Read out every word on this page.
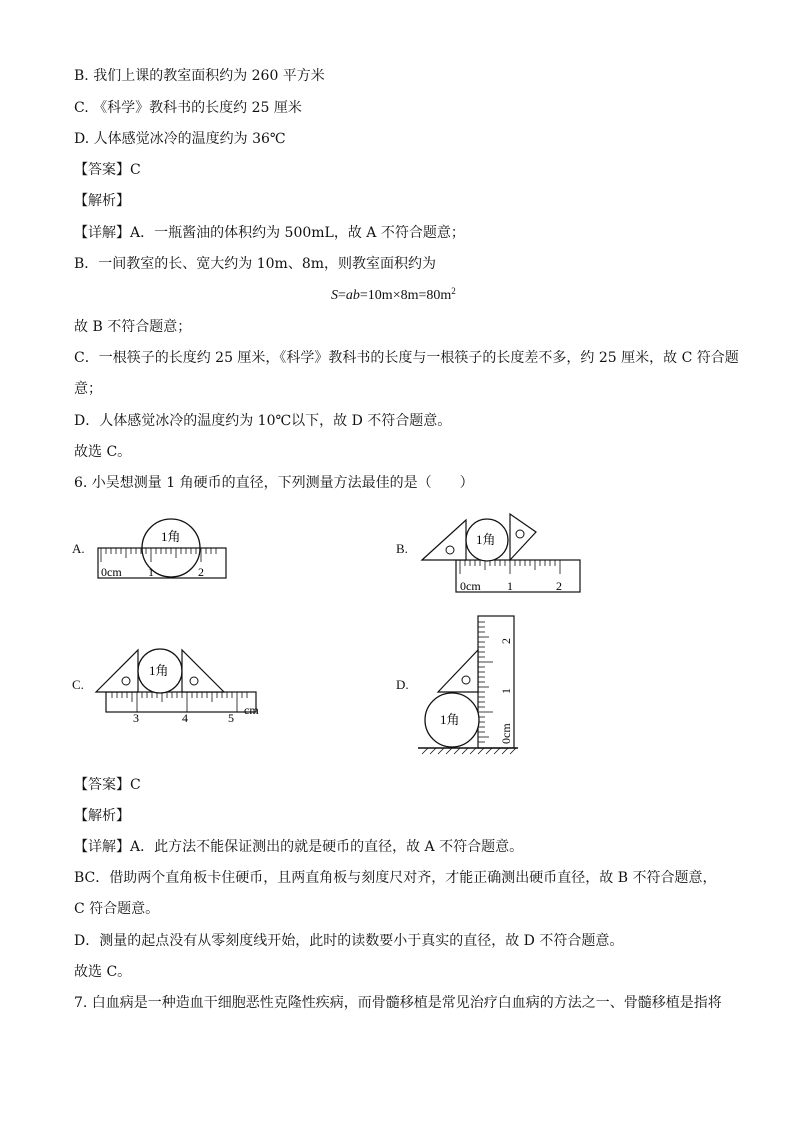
B. 我们上课的教室面积约为 260 平方米
C. 《科学》教科书的长度约 25 厘米
D. 人体感觉冰冷的温度约为 36℃
【答案】C
【解析】
【详解】A．一瓶酱油的体积约为 500mL，故 A 不符合题意；
B．一间教室的长、宽大约为 10m、8m，则教室面积约为
$S=ab=10m\times 8m=80m^2$
故 B 不符合题意；
C．一根筷子的长度约 25 厘米，《科学》教科书的长度与一根筷子的长度差不多，约 25 厘米，故 C 符合题
意；
D．人体感觉冰冷的温度约为 10℃以下，故 D 不符合题意。
故选 C。
6. 小吴想测量 1 角硬币的直径，下列测量方法最佳的是（　　）
A.
1角
0cm 1	2
B.
1角
0cm 1	2
C.
1角
3	4	5
cm
D.
1角
0cm
1
2
【答案】C
【解析】
【详解】A．此方法不能保证测出的就是硬币的直径，故 A 不符合题意。
BC．借助两个直角板卡住硬币，且两直角板与刻度尺对齐，才能正确测出硬币直径，故 B 不符合题意，
C 符合题意。
D．测量的起点没有从零刻度线开始，此时的读数要小于真实的直径，故 D 不符合题意。
故选 C。
7. 白血病是一种造血干细胞恶性克隆性疾病，而骨髓移植是常见治疗白血病的方法之一、骨髓移植是指将
